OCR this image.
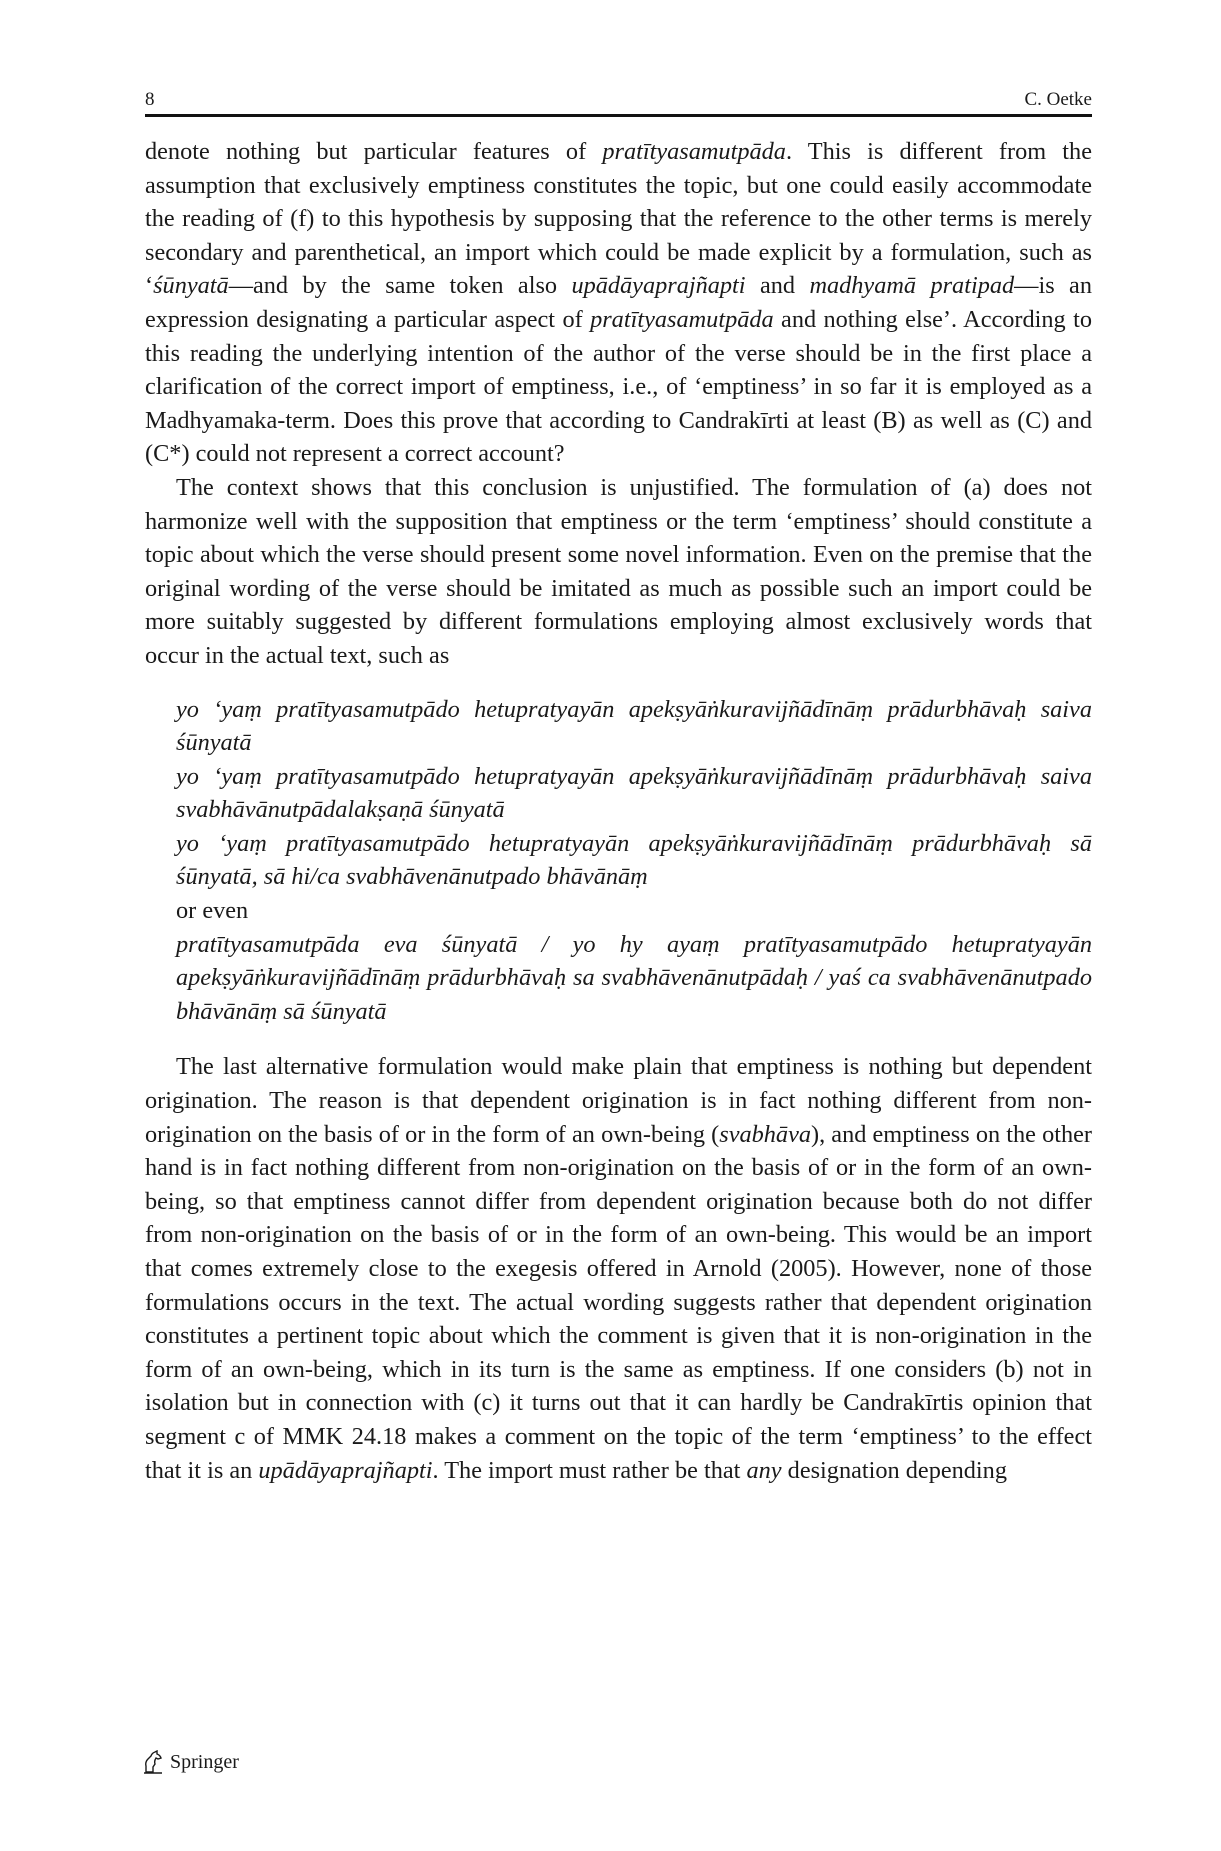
8	C. Oetke

denote nothing but particular features of pratītyasamutpāda. This is different from the assumption that exclusively emptiness constitutes the topic, but one could easily accommodate the reading of (f) to this hypothesis by supposing that the reference to the other terms is merely secondary and parenthetical, an import which could be made explicit by a formulation, such as ‘śūnyatā—and by the same token also upādāyaprajñapti and madhyamā pratipad—is an expression designating a particular aspect of pratītyasamutpāda and nothing else’. According to this reading the underlying intention of the author of the verse should be in the first place a clarification of the correct import of emptiness, i.e., of ‘emptiness’ in so far it is employed as a Madhyamaka-term. Does this prove that according to Candrakīrti at least (B) as well as (C) and (C*) could not represent a correct account?

The context shows that this conclusion is unjustified. The formulation of (a) does not harmonize well with the supposition that emptiness or the term ‘emptiness’ should constitute a topic about which the verse should present some novel information. Even on the premise that the original wording of the verse should be imitated as much as possible such an import could be more suitably suggested by different formulations employing almost exclusively words that occur in the actual text, such as

yo ‘yaṃ pratītyasamutpādo hetupratyayān apekṣyāṅkuravijñādīnāṃ prādurbhāvaḥ saiva śūnyatā

yo ‘yaṃ pratītyasamutpādo hetupratyayān apekṣyāṅkuravijñādīnāṃ prādurbhāvaḥ saiva svabhāvānutpādalakṣaṇā śūnyatā

yo ‘yaṃ pratītyasamutpādo hetupratyayān apekṣyāṅkuravijñādīnāṃ prādurbhāvaḥ sā śūnyatā, sā hi/ca svabhāvenānutpado bhāvānāṃ

or even

pratītyasamutpāda eva śūnyatā / yo hy ayaṃ pratītyasamutpādo hetupratyayān apekṣyāṅkuravijñādīnāṃ prādurbhāvaḥ sa svabhāvenānutpādaḥ / yaś ca svabhāvenānutpado bhāvānāṃ sā śūnyatā

The last alternative formulation would make plain that emptiness is nothing but dependent origination. The reason is that dependent origination is in fact nothing different from non-origination on the basis of or in the form of an own-being (svabhāva), and emptiness on the other hand is in fact nothing different from non-origination on the basis of or in the form of an own-being, so that emptiness cannot differ from dependent origination because both do not differ from non-origination on the basis of or in the form of an own-being. This would be an import that comes extremely close to the exegesis offered in Arnold (2005). However, none of those formulations occurs in the text. The actual wording suggests rather that dependent origination constitutes a pertinent topic about which the comment is given that it is non-origination in the form of an own-being, which in its turn is the same as emptiness. If one considers (b) not in isolation but in connection with (c) it turns out that it can hardly be Candrakīrtis opinion that segment c of MMK 24.18 makes a comment on the topic of the term ‘emptiness’ to the effect that it is an upādāyaprajñapti. The import must rather be that any designation depending

Springer
